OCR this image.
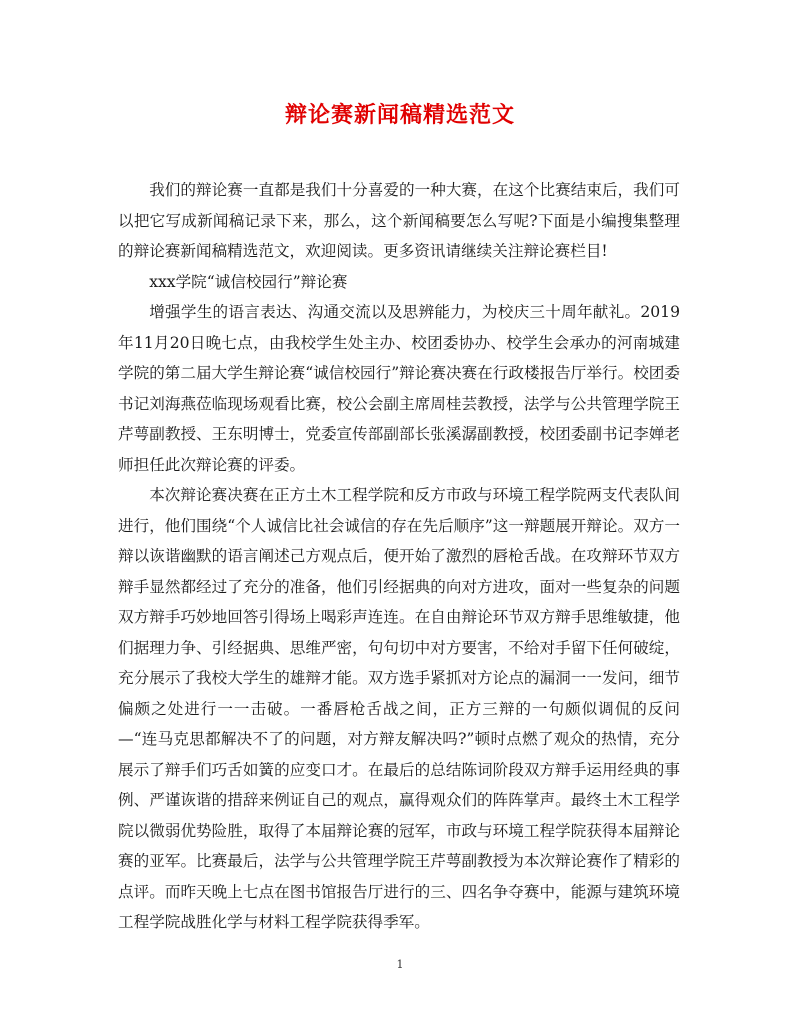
辩论赛新闻稿精选范文

我们的辩论赛一直都是我们十分喜爱的一种大赛，在这个比赛结束后，我们可以把它写成新闻稿记录下来，那么，这个新闻稿要怎么写呢?下面是小编搜集整理的辩论赛新闻稿精选范文，欢迎阅读。更多资讯请继续关注辩论赛栏目!

xxx学院“诚信校园行”辩论赛

增强学生的语言表达、沟通交流以及思辨能力，为校庆三十周年献礼。2019年11月20日晚七点，由我校学生处主办、校团委协办、校学生会承办的河南城建学院的第二届大学生辩论赛“诚信校园行”辩论赛决赛在行政楼报告厅举行。校团委书记刘海燕莅临现场观看比赛，校公会副主席周桂芸教授，法学与公共管理学院王芹萼副教授、王东明博士，党委宣传部副部长张溪潺副教授，校团委副书记李婵老师担任此次辩论赛的评委。

本次辩论赛决赛在正方土木工程学院和反方市政与环境工程学院两支代表队间进行，他们围绕“个人诚信比社会诚信的存在先后顺序”这一辩题展开辩论。双方一辩以诙谐幽默的语言阐述己方观点后，便开始了激烈的唇枪舌战。在攻辩环节双方辩手显然都经过了充分的准备，他们引经据典的向对方进攻，面对一些复杂的问题双方辩手巧妙地回答引得场上喝彩声连连。在自由辩论环节双方辩手思维敏捷，他们据理力争、引经据典、思维严密，句句切中对方要害，不给对手留下任何破绽，充分展示了我校大学生的雄辩才能。双方选手紧抓对方论点的漏洞一一发问，细节偏颇之处进行一一击破。一番唇枪舌战之间，正方三辩的一句颇似调侃的反问—“连马克思都解决不了的问题，对方辩友解决吗?”顿时点燃了观众的热情，充分展示了辩手们巧舌如簧的应变口才。在最后的总结陈词阶段双方辩手运用经典的事例、严谨诙谐的措辞来例证自己的观点，赢得观众们的阵阵掌声。最终土木工程学院以微弱优势险胜，取得了本届辩论赛的冠军，市政与环境工程学院获得本届辩论赛的亚军。比赛最后，法学与公共管理学院王芹萼副教授为本次辩论赛作了精彩的点评。而昨天晚上七点在图书馆报告厅进行的三、四名争夺赛中，能源与建筑环境工程学院战胜化学与材料工程学院获得季军。

1
